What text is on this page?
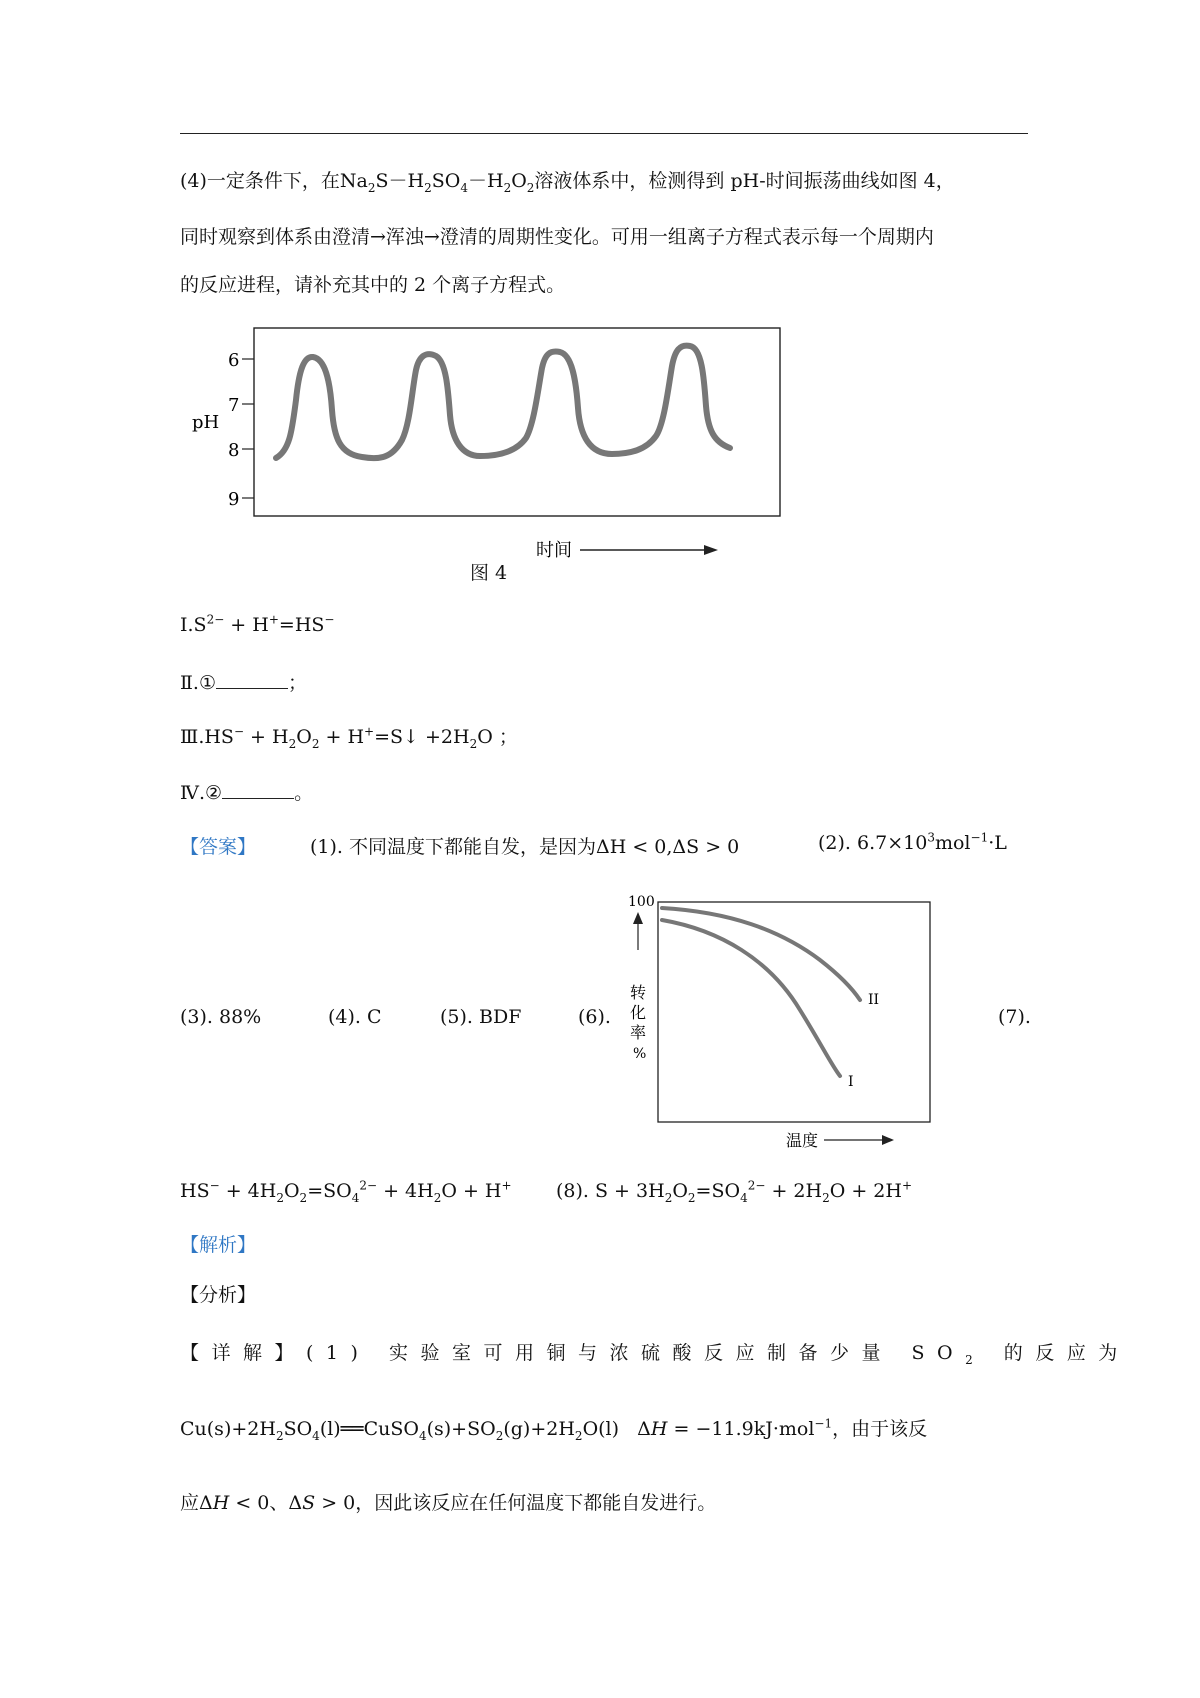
(4)一定条件下，在$Na_2S-H_2SO_4-H_2O_2$溶液体系中，检测得到 pH-时间振荡曲线如图 4，
同时观察到体系由澄清→浑浊→澄清的周期性变化。可用一组离子方程式表示每一个周期内
的反应进程，请补充其中的 2 个离子方程式。
6
7
8
9
pH
时间
图 4
$Ⅰ.S^{2-} + H^+=HS^-$
Ⅱ.①	；
Ⅲ.HS− + $H_2O_2$ + H+=S↓ $+2H_2O$ ；
Ⅳ.②	。
【答案】	(1). 不同温度下都能自发，是因为ΔH < 0,ΔS > 0	(2). $6.7\times 10^3mol^{-1}\cdot L$
(3). 88%	(4). C	(5). BDF	(6).	(7).
100
转
化
率
%
II
I
温度
$HS^- + 4H_2O_2=SO_4^{2-} + 4H_2O + H^+$ (8). $S + 3H_2O_2=SO_4^{2-} + 2H_2O + 2H^+$
【解析】
【分析】
【详解】(1) 实验室可用铜与浓硫酸反应制备少量 $SO_2$ 的反应为
$Cu(s)+2H_2SO_4(l)══CuSO_4(s)+SO_2(g)+2H_2O(l) \Delta H = -11.9kJ\cdot mol^{-1}$，由于该反
应ΔH < 0、ΔS > 0，因此该反应在任何温度下都能自发进行。
